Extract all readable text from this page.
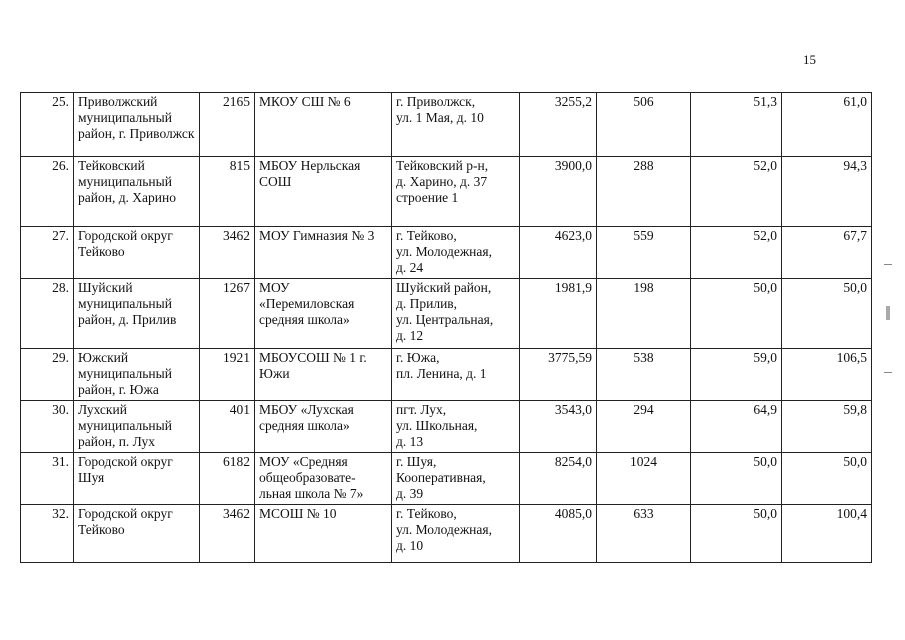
15
25.	Приволжский муниципальный район, г. Приволжск	2165	МКОУ СШ № 6	г. Приволжск,
ул. 1 Мая, д. 10	3255,2	506	51,3	61,0
26.	Тейковский муниципальный район, д. Харино	815	МБОУ Нерльская СОШ	Тейковский р-н,
д. Харино, д. 37
строение 1	3900,0	288	52,0	94,3
27.	Городской округ Тейково	3462	МОУ Гимназия № 3	г. Тейково,
ул. Молодежная,
д. 24	4623,0	559	52,0	67,7
28.	Шуйский муниципальный район, д. Прилив	1267	МОУ «Перемиловская средняя школа»	Шуйский район,
д. Прилив,
ул. Центральная,
д. 12	1981,9	198	50,0	50,0
29.	Южский муниципальный район, г. Южа	1921	МБОУСОШ № 1 г. Южи	г. Южа,
пл. Ленина, д. 1	3775,59	538	59,0	106,5
30.	Лухский муниципальный район, п. Лух	401	МБОУ «Лухская средняя школа»	пгт. Лух,
ул. Школьная,
д. 13	3543,0	294	64,9	59,8
31.	Городской округ Шуя	6182	МОУ «Средняя общеобразовате-льная школа № 7»	г. Шуя,
Кооперативная,
д. 39	8254,0	1024	50,0	50,0
32.	Городской округ Тейково	3462	МСОШ № 10	г. Тейково,
ул. Молодежная,
д. 10	4085,0	633	50,0	100,4
